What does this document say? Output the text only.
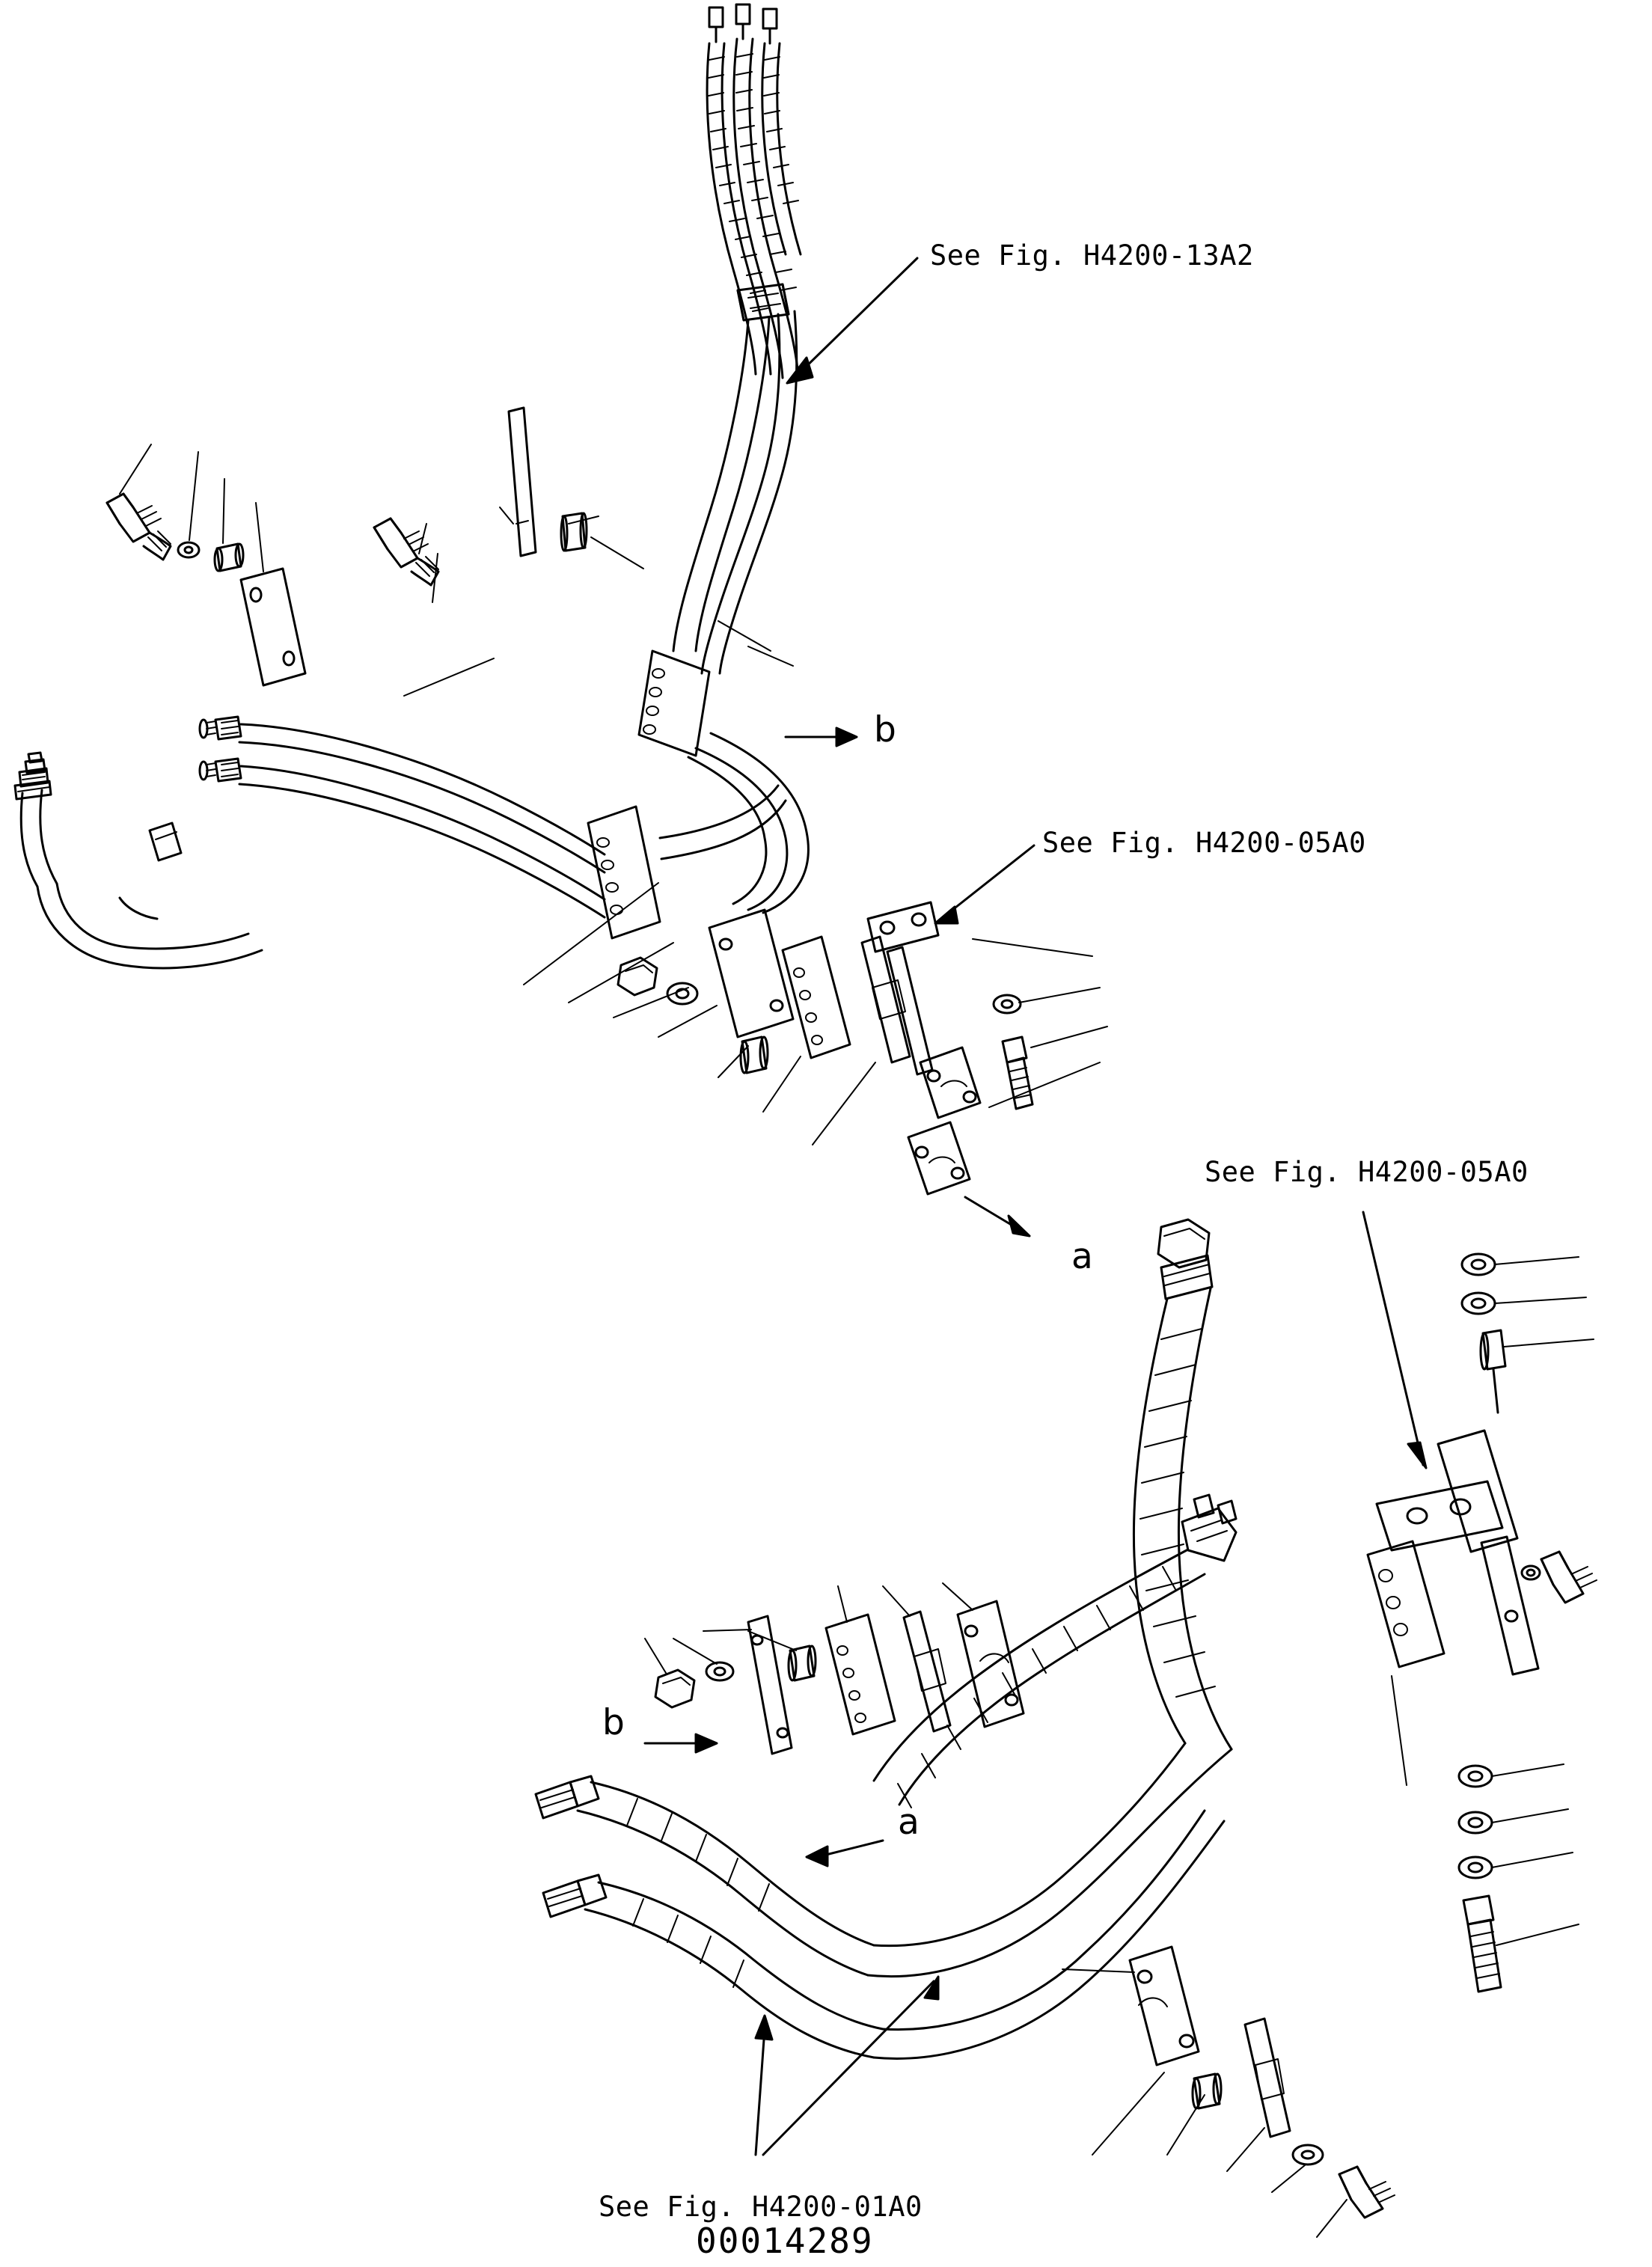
See Fig. H4200-13A2
See Fig. H4200-05A0
See Fig. H4200-05A0
See Fig. H4200-01A0
b
a
b
a
00014289
